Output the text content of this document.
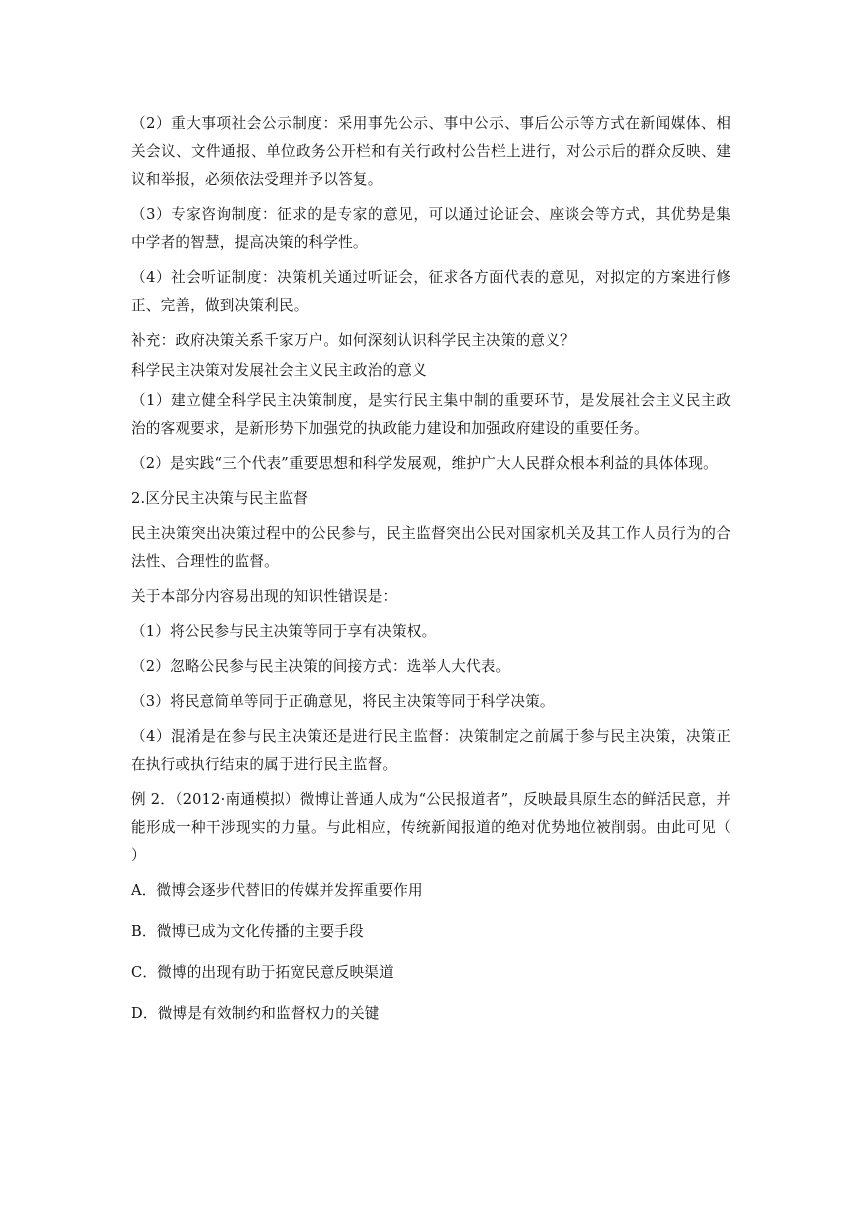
（2）重大事项社会公示制度：采用事先公示、事中公示、事后公示等方式在新闻媒体、相关会议、文件通报、单位政务公开栏和有关行政村公告栏上进行，对公示后的群众反映、建议和举报，必须依法受理并予以答复。

（3）专家咨询制度：征求的是专家的意见，可以通过论证会、座谈会等方式，其优势是集中学者的智慧，提高决策的科学性。

（4）社会听证制度：决策机关通过听证会，征求各方面代表的意见，对拟定的方案进行修正、完善，做到决策利民。

补充：政府决策关系千家万户。如何深刻认识科学民主决策的意义？

科学民主决策对发展社会主义民主政治的意义

（1）建立健全科学民主决策制度，是实行民主集中制的重要环节，是发展社会主义民主政治的客观要求，是新形势下加强党的执政能力建设和加强政府建设的重要任务。

（2）是实践“三个代表”重要思想和科学发展观，维护广大人民群众根本利益的具体体现。

2.区分民主决策与民主监督

民主决策突出决策过程中的公民参与，民主监督突出公民对国家机关及其工作人员行为的合法性、合理性的监督。

关于本部分内容易出现的知识性错误是：

（1）将公民参与民主决策等同于享有决策权。

（2）忽略公民参与民主决策的间接方式：选举人大代表。

（3）将民意简单等同于正确意见，将民主决策等同于科学决策。

（4）混淆是在参与民主决策还是进行民主监督：决策制定之前属于参与民主决策，决策正在执行或执行结束的属于进行民主监督。

例 2．（2012·南通模拟）微博让普通人成为“公民报道者”，反映最具原生态的鲜活民意，并能形成一种干涉现实的力量。与此相应，传统新闻报道的绝对优势地位被削弱。由此可见（　　）

A．微博会逐步代替旧的传媒并发挥重要作用

B．微博已成为文化传播的主要手段

C．微博的出现有助于拓宽民意反映渠道

D．微博是有效制约和监督权力的关键
